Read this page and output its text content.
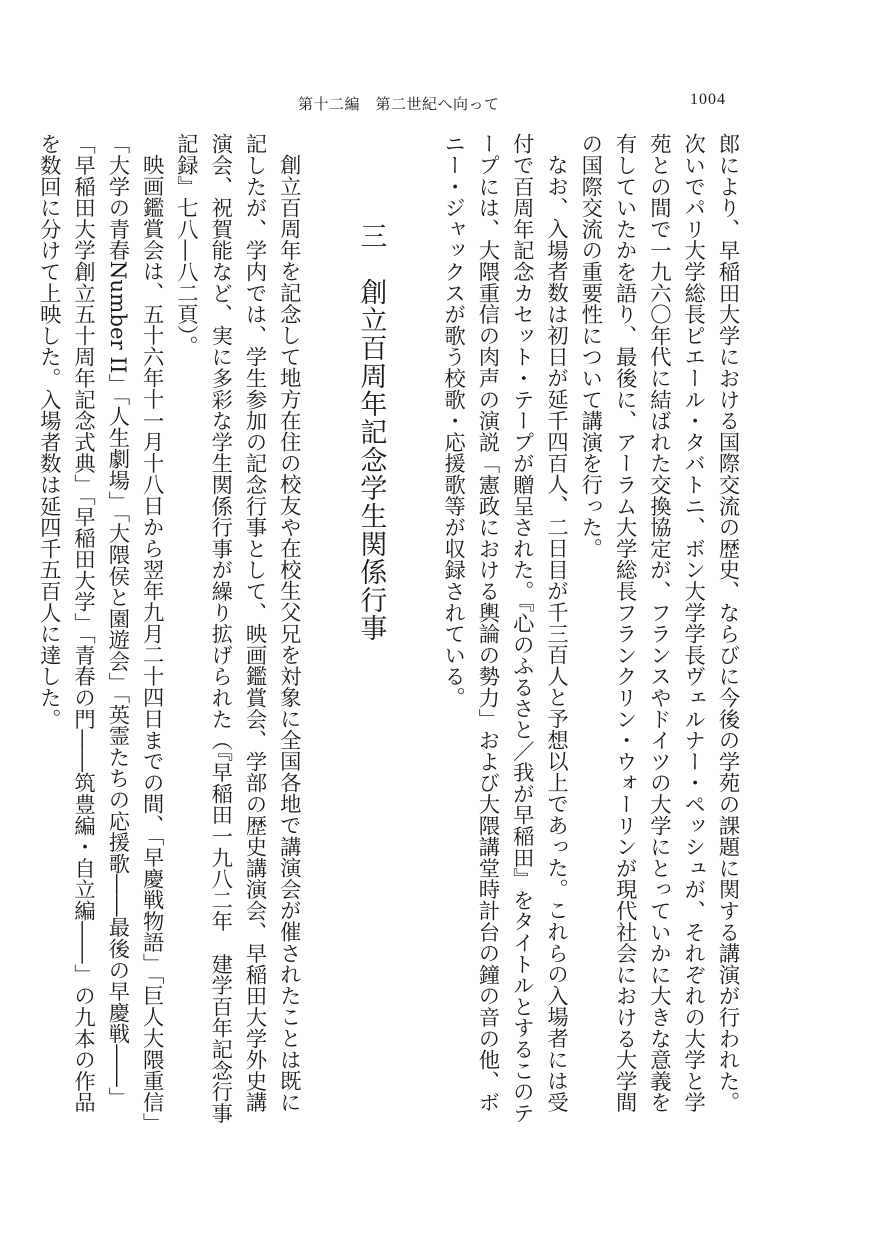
第十二編　第二世紀へ向って	1004

郎により、早稲田大学における国際交流の歴史、ならびに今後の学苑の課題に関する講演が行われた。次いでパリ大学総長ピエール・タバトニ、ボン大学学長ヴェルナー・ペッシュが、それぞれの大学と学苑との間で一九六〇年代に結ばれた交換協定が、フランスやドイツの大学にとっていかに大きな意義を有していたかを語り、最後に、アーラム大学総長フランクリン・ウォーリンが現代社会における大学間の国際交流の重要性について講演を行った。

なお、入場者数は初日が延千四百人、二日目が千三百人と予想以上であった。これらの入場者には受付で百周年記念カセット・テープが贈呈された。『心のふるさと／我が早稲田』をタイトルとするこのテープには、大隈重信の肉声の演説「憲政における輿論の勢力」および大隈講堂時計台の鐘の音の他、ボニー・ジャックスが歌う校歌・応援歌等が収録されている。

三　創立百周年記念学生関係行事

創立百周年を記念して地方在住の校友や在校生父兄を対象に全国各地で講演会が催されたことは既に記したが、学内では、学生参加の記念行事として、映画鑑賞会、学部の歴史講演会、早稲田大学外史講演会、祝賀能など、実に多彩な学生関係行事が繰り拡げられた（『早稲田一九八二年　建学百年記念行事記録』七八―八二頁）。

映画鑑賞会は、五十六年十一月十八日から翌年九月二十四日までの間、「早慶戦物語」「巨人大隈重信」「大学の青春Number II」「人生劇場」「大隈侯と園遊会」「英霊たちの応援歌――最後の早慶戦――」「早稲田大学創立五十周年記念式典」「早稲田大学」「青春の門――筑豊編・自立編――」の九本の作品を数回に分けて上映した。入場者数は延四千五百人に達した。
